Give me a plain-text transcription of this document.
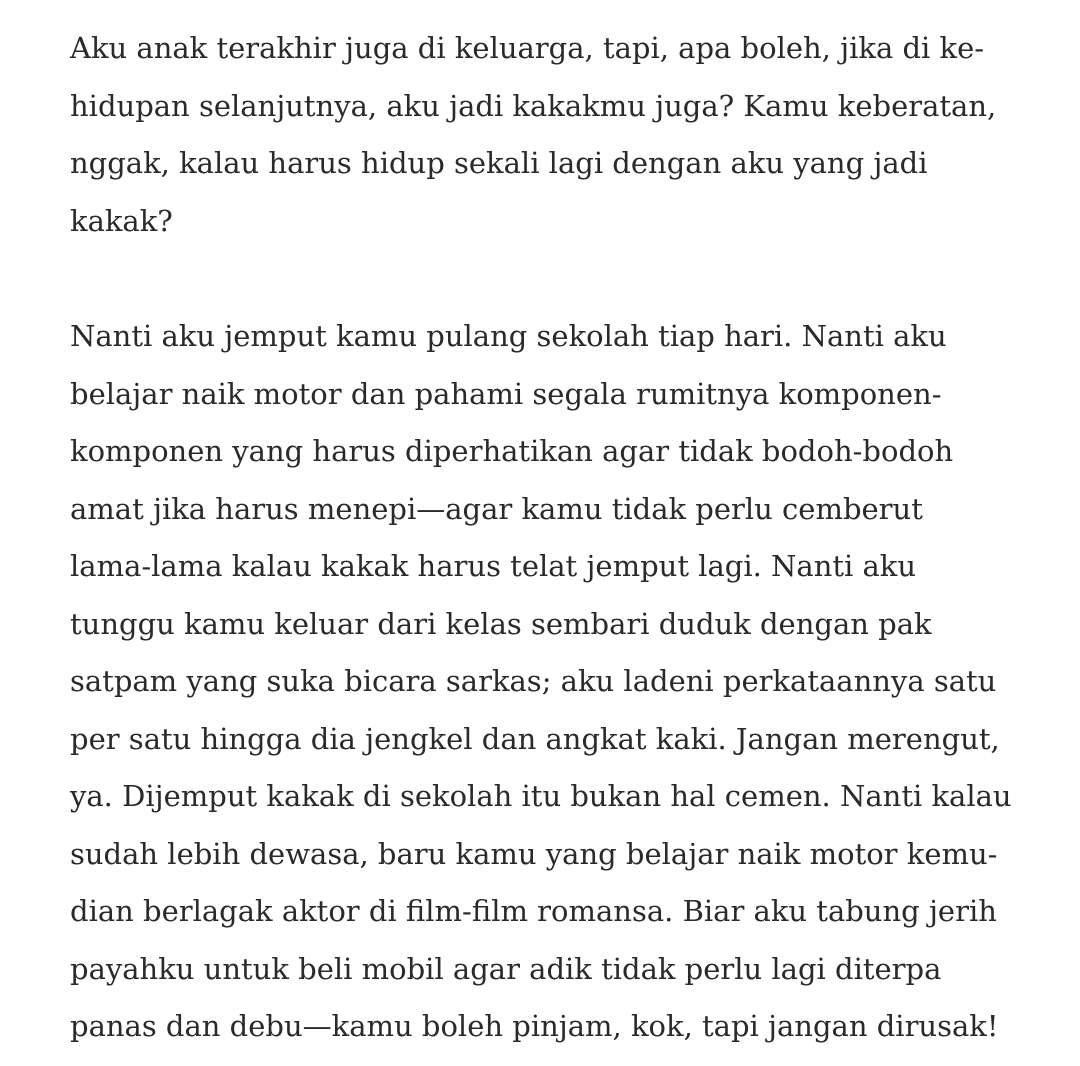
Aku anak terakhir juga di keluarga, tapi, apa boleh, jika di ke-
hidupan selanjutnya, aku jadi kakakmu juga? Kamu keberatan,
nggak, kalau harus hidup sekali lagi dengan aku yang jadi
kakak?

Nanti aku jemput kamu pulang sekolah tiap hari. Nanti aku
belajar naik motor dan pahami segala rumitnya komponen-
komponen yang harus diperhatikan agar tidak bodoh-bodoh
amat jika harus menepi—agar kamu tidak perlu cemberut
lama-lama kalau kakak harus telat jemput lagi. Nanti aku
tunggu kamu keluar dari kelas sembari duduk dengan pak
satpam yang suka bicara sarkas; aku ladeni perkataannya satu
per satu hingga dia jengkel dan angkat kaki. Jangan merengut,
ya. Dijemput kakak di sekolah itu bukan hal cemen. Nanti kalau
sudah lebih dewasa, baru kamu yang belajar naik motor kemu-
dian berlagak aktor di film-film romansa. Biar aku tabung jerih
payahku untuk beli mobil agar adik tidak perlu lagi diterpa
panas dan debu—kamu boleh pinjam, kok, tapi jangan dirusak!
